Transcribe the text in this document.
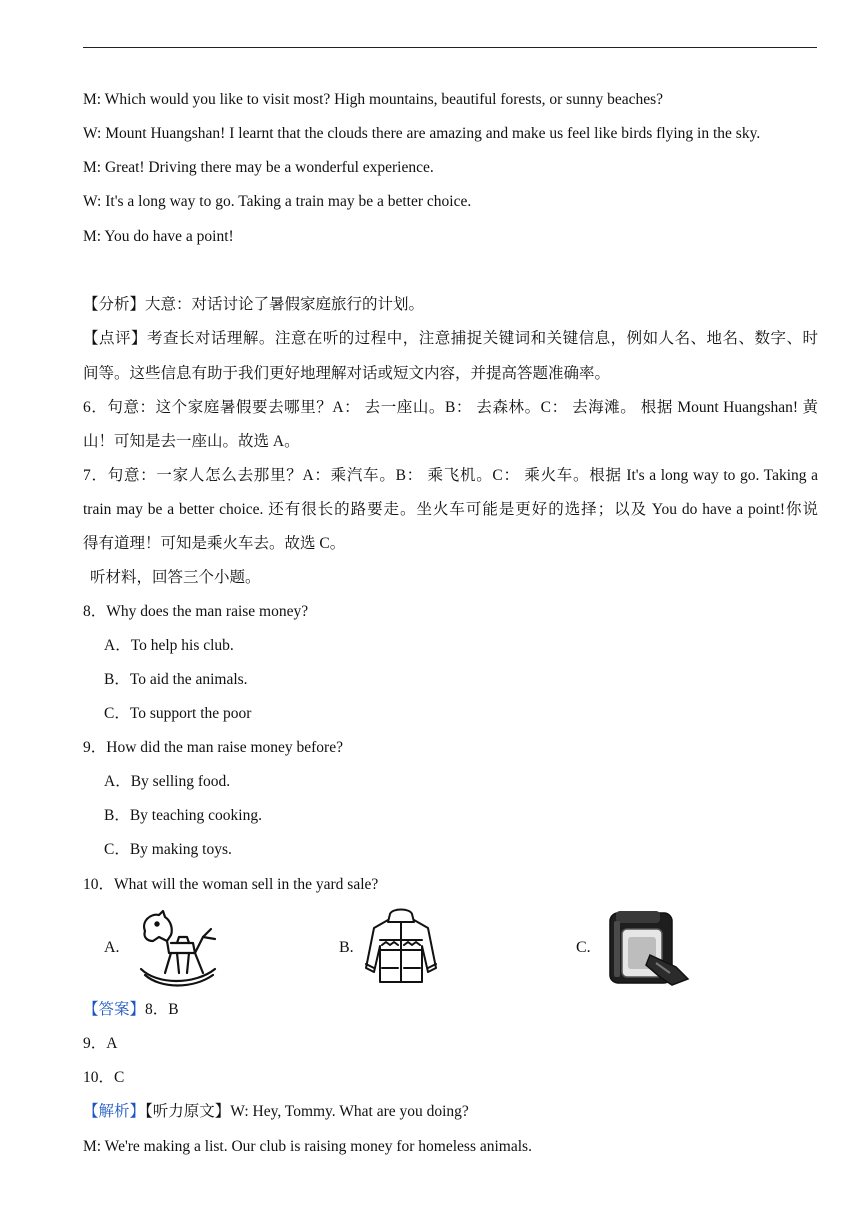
M: Which would you like to visit most? High mountains, beautiful forests, or sunny beaches?
W: Mount Huangshan! I learnt that the clouds there are amazing and make us feel like birds flying in the sky.
M: Great! Driving there may be a wonderful experience.
W: It's a long way to go. Taking a train may be a better choice.
M: You do have a point!
【分析】大意：对话讨论了暑假家庭旅行的计划。
【点评】考查长对话理解。注意在听的过程中，注意捕捉关键词和关键信息，例如人名、地名、数字、时
间等。这些信息有助于我们更好地理解对话或短文内容，并提高答题准确率。
6．句意：这个家庭暑假要去哪里？A： 去一座山。B： 去森林。C： 去海滩。 根据 Mount Huangshan! 黄
山！可知是去一座山。故选 A。
7．句意：一家人怎么去那里？A：乘汽车。B： 乘飞机。C： 乘火车。根据 It's a long way to go. Taking a
train may be a better choice. 还有很长的路要走。坐火车可能是更好的选择；以及 You do have a point!你说
得有道理！可知是乘火车去。故选 C。
听材料，回答三个小题。
8．Why does the man raise money?
A．To help his club.
B．To aid the animals.
C．To support the poor
9．How did the man raise money before?
A．By selling food.
B．By teaching cooking.
C．By making toys.
10．What will the woman sell in the yard sale?
A.	B.	C.
【答案】8．B
9．A
10．C
【解析】【听力原文】W: Hey, Tommy. What are you doing?
M: We're making a list. Our club is raising money for homeless animals.
